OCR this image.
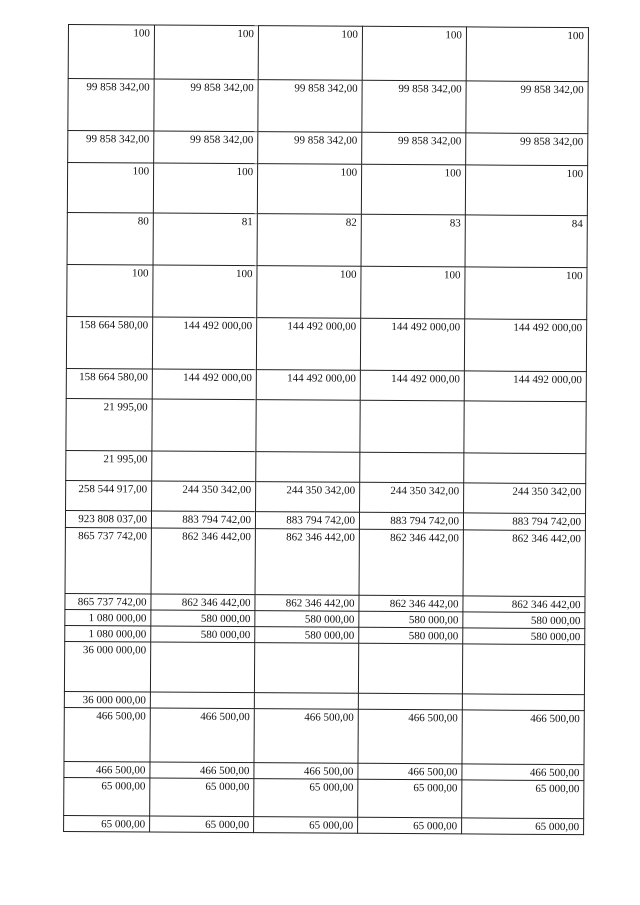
100	100	100	100	100
99 858 342,00	99 858 342,00	99 858 342,00	99 858 342,00	99 858 342,00
99 858 342,00	99 858 342,00	99 858 342,00	99 858 342,00	99 858 342,00
100	100	100	100	100
80	81	82	83	84
100	100	100	100	100
158 664 580,00	144 492 000,00	144 492 000,00	144 492 000,00	144 492 000,00
158 664 580,00	144 492 000,00	144 492 000,00	144 492 000,00	144 492 000,00
21 995,00				
21 995,00				
258 544 917,00	244 350 342,00	244 350 342,00	244 350 342,00	244 350 342,00
923 808 037,00	883 794 742,00	883 794 742,00	883 794 742,00	883 794 742,00
865 737 742,00	862 346 442,00	862 346 442,00	862 346 442,00	862 346 442,00
865 737 742,00	862 346 442,00	862 346 442,00	862 346 442,00	862 346 442,00
1 080 000,00	580 000,00	580 000,00	580 000,00	580 000,00
1 080 000,00	580 000,00	580 000,00	580 000,00	580 000,00
36 000 000,00				
36 000 000,00				
466 500,00	466 500,00	466 500,00	466 500,00	466 500,00
466 500,00	466 500,00	466 500,00	466 500,00	466 500,00
65 000,00	65 000,00	65 000,00	65 000,00	65 000,00
65 000,00	65 000,00	65 000,00	65 000,00	65 000,00
